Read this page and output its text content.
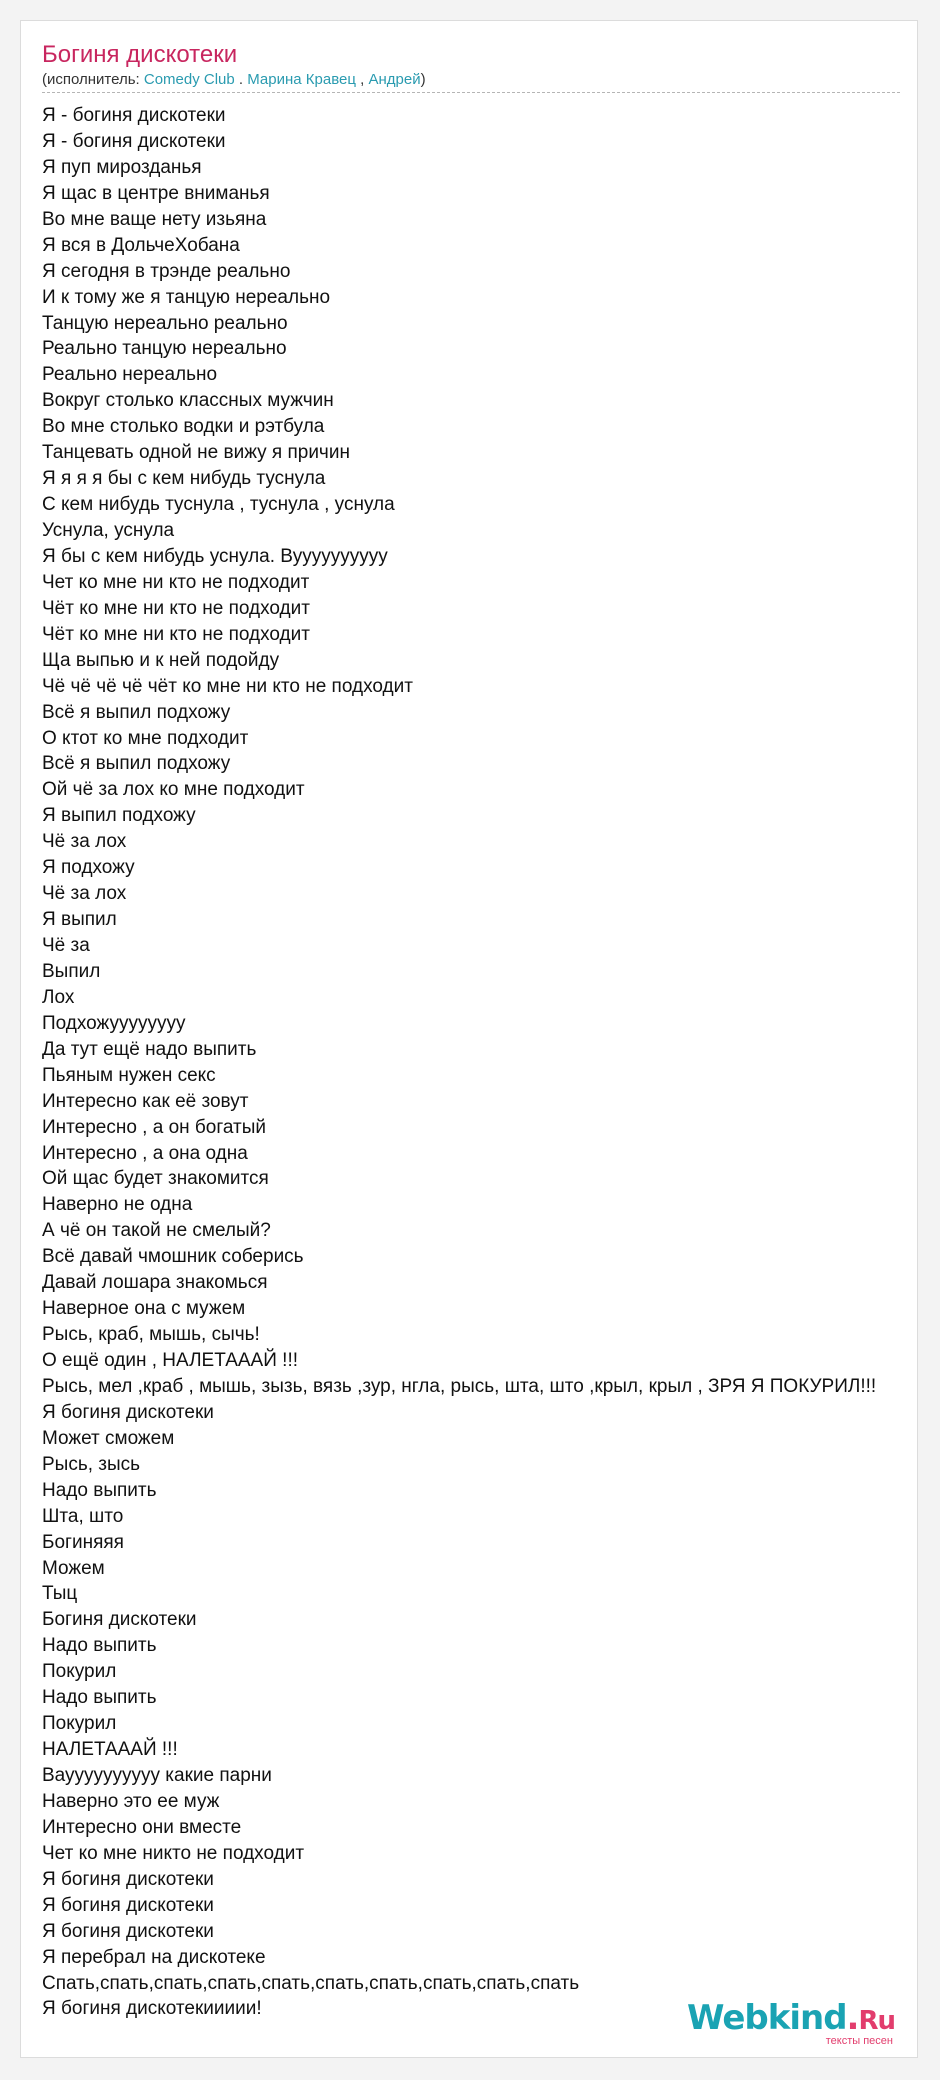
Богиня дискотеки
(исполнитель: Comedy Club . Марина Кравец , Андрей)
Я - богиня дискотеки
Я - богиня дискотеки
Я пуп мирозданья
Я щас в центре вниманья
Во мне ваще нету изьяна
Я вся в ДольчеХобана
Я сегодня в трэнде реально
И к тому же я танцую нереально
Танцую нереально реально
Реально танцую нереально
Реально нереально
Вокруг столько классных мужчин
Во мне столько водки и рэтбула
Танцевать одной не вижу я причин
Я я я я бы с кем нибудь туснула
С кем нибудь туснула , туснула , уснула
Уснула, уснула
Я бы с кем нибудь уснула. Вуууууууууу
Чет ко мне ни кто не подходит
Чёт ко мне ни кто не подходит
Чёт ко мне ни кто не подходит
Ща выпью и к ней подойду
Чё чё чё чё чёт ко мне ни кто не подходит
Всё я выпил подхожу
О ктот ко мне подходит
Всё я выпил подхожу
Ой чё за лох ко мне подходит
Я выпил подхожу
Чё за лох
Я подхожу
Чё за лох
Я выпил
Чё за
Выпил
Лох
Подхожуууууууу
Да тут ещё надо выпить
Пьяным нужен секс
Интересно как её зовут
Интересно , а он богатый
Интересно , а она одна
Ой щас будет знакомится
Наверно не одна
А чё он такой не смелый?
Всё давай чмошник соберись
Давай лошара знакомься
Наверное она с мужем
Рысь, краб, мышь, сычь!
О ещё один , НАЛЕТАААЙ !!!
Рысь, мел ,краб , мышь, зызь, вязь ,зур, нгла, рысь, шта, што ,крыл, крыл , ЗРЯ Я ПОКУРИЛ!!!
Я богиня дискотеки
Может сможем
Рысь, зысь
Надо выпить
Шта, што
Богиняяя
Можем
Тыц
Богиня дискотеки
Надо выпить
Покурил
Надо выпить
Покурил
НАЛЕТАААЙ !!!
Вауууууууууу какие парни
Наверно это ее муж
Интересно они вместе
Чет ко мне никто не подходит
Я богиня дискотеки
Я богиня дискотеки
Я богиня дискотеки
Я перебрал на дискотеке
Спать,спать,спать,спать,спать,спать,спать,спать,спать,спать
Я богиня дискотекиииии!	Webkind.Ru
тексты песен
